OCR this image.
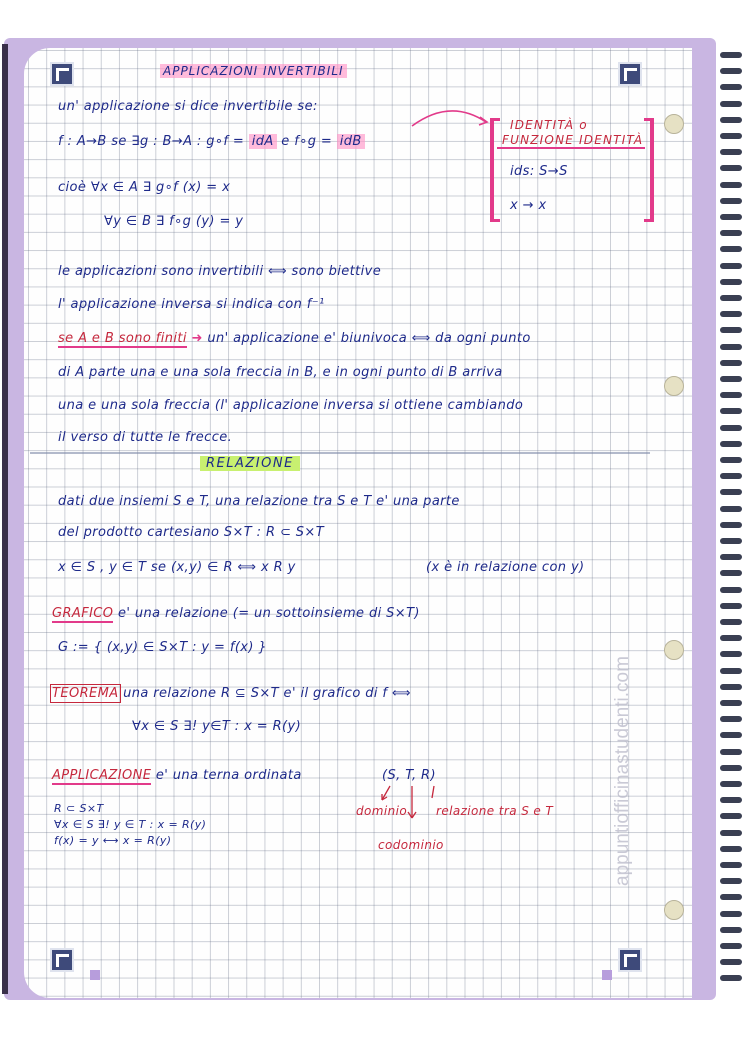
APPLICAZIONI INVERTIBILI
IDENTITÀ o
FUNZIONE IDENTITÀ
ids: S→S
x → x
un' applicazione si dice invertibile se:
f : A→B se ∃g : B→A : g∘f = idA e f∘g = idB
cioè ∀x ∈ A ∃ g∘f (x) = x
∀y ∈ B ∃ f∘g (y) = y
le applicazioni sono invertibili ⟺ sono biettive
l' applicazione inversa si indica con f⁻¹
se A e B sono finiti ➜ un' applicazione e' biunivoca ⟺ da ogni punto
di A parte una e una sola freccia in B, e in ogni punto di B arriva
una e una sola freccia (l' applicazione inversa si ottiene cambiando
il verso di tutte le frecce.
RELAZIONE
dati due insiemi S e T, una relazione tra S e T e' una parte
del prodotto cartesiano S×T : R ⊂ S×T
x ∈ S , y ∈ T se (x,y) ∈ R ⟺ x R y	(x è in relazione con y)
GRAFICO e' una relazione (= un sottoinsieme di S×T)
G := { (x,y) ∈ S×T : y = f(x) }
TEOREMA una relazione R ⊆ S×T e' il grafico di f ⟺
∀x ∈ S ∃! y∈T : x = R(y)
APPLICAZIONE e' una terna ordinata	(S, T, R)
dominio relazione tra S e T
codominio
R ⊂ S×T
∀x ∈ S ∃! y ∈ T : x = R(y)
f(x) = y ⟷ x = R(y)	appuntiofficinastudenti.com
